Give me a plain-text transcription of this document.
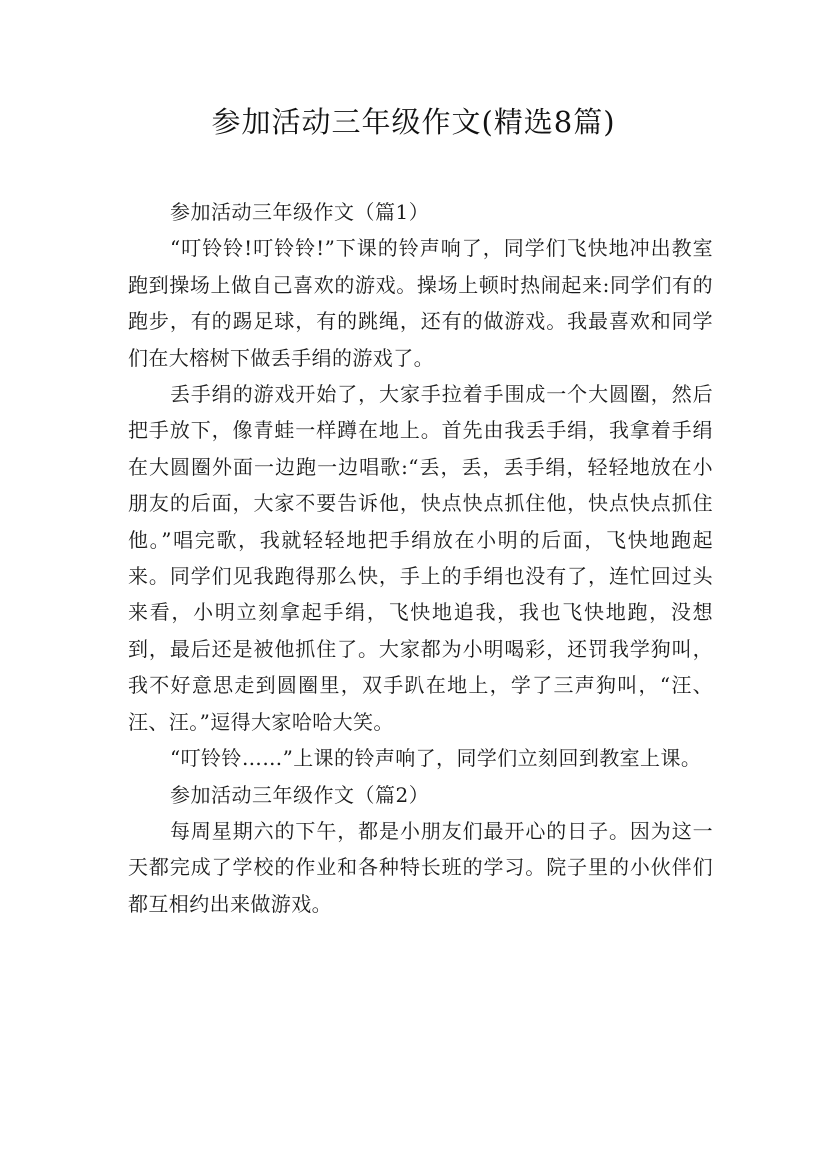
参加活动三年级作文(精选8篇)

参加活动三年级作文（篇1）

“叮铃铃!叮铃铃!”下课的铃声响了，同学们飞快地冲出教室跑到操场上做自己喜欢的游戏。操场上顿时热闹起来:同学们有的跑步，有的踢足球，有的跳绳，还有的做游戏。我最喜欢和同学们在大榕树下做丢手绢的游戏了。

丢手绢的游戏开始了，大家手拉着手围成一个大圆圈，然后把手放下，像青蛙一样蹲在地上。首先由我丢手绢，我拿着手绢在大圆圈外面一边跑一边唱歌:“丢，丢，丢手绢，轻轻地放在小朋友的后面，大家不要告诉他，快点快点抓住他，快点快点抓住他。”唱完歌，我就轻轻地把手绢放在小明的后面，飞快地跑起来。同学们见我跑得那么快，手上的手绢也没有了，连忙回过头来看，小明立刻拿起手绢，飞快地追我，我也飞快地跑，没想到，最后还是被他抓住了。大家都为小明喝彩，还罚我学狗叫，我不好意思走到圆圈里，双手趴在地上，学了三声狗叫，“汪、汪、汪。”逗得大家哈哈大笑。

“叮铃铃……”上课的铃声响了，同学们立刻回到教室上课。

参加活动三年级作文（篇2）

每周星期六的下午，都是小朋友们最开心的日子。因为这一天都完成了学校的作业和各种特长班的学习。院子里的小伙伴们都互相约出来做游戏。
